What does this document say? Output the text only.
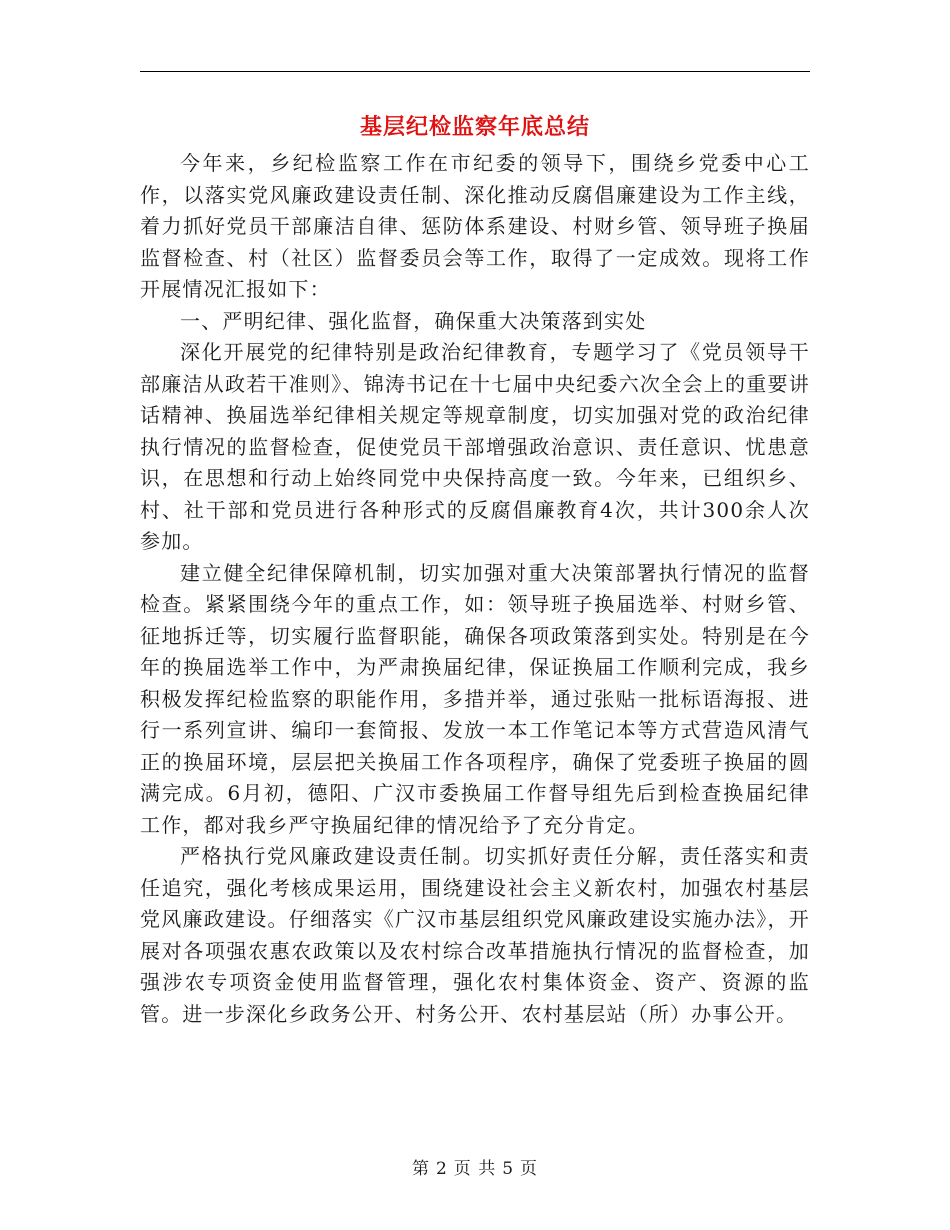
基层纪检监察年底总结

今年来，乡纪检监察工作在市纪委的领导下，围绕乡党委中心工作，以落实党风廉政建设责任制、深化推动反腐倡廉建设为工作主线，着力抓好党员干部廉洁自律、惩防体系建设、村财乡管、领导班子换届监督检查、村（社区）监督委员会等工作，取得了一定成效。现将工作开展情况汇报如下：

一、严明纪律、强化监督，确保重大决策落到实处

深化开展党的纪律特别是政治纪律教育，专题学习了《党员领导干部廉洁从政若干准则》、锦涛书记在十七届中央纪委六次全会上的重要讲话精神、换届选举纪律相关规定等规章制度，切实加强对党的政治纪律执行情况的监督检查，促使党员干部增强政治意识、责任意识、忧患意识，在思想和行动上始终同党中央保持高度一致。今年来，已组织乡、村、社干部和党员进行各种形式的反腐倡廉教育4次，共计300余人次参加。

建立健全纪律保障机制，切实加强对重大决策部署执行情况的监督检查。紧紧围绕今年的重点工作，如：领导班子换届选举、村财乡管、征地拆迁等，切实履行监督职能，确保各项政策落到实处。特别是在今年的换届选举工作中，为严肃换届纪律，保证换届工作顺利完成，我乡积极发挥纪检监察的职能作用，多措并举，通过张贴一批标语海报、进行一系列宣讲、编印一套简报、发放一本工作笔记本等方式营造风清气正的换届环境，层层把关换届工作各项程序，确保了党委班子换届的圆满完成。6月初，德阳、广汉市委换届工作督导组先后到检查换届纪律工作，都对我乡严守换届纪律的情况给予了充分肯定。

严格执行党风廉政建设责任制。切实抓好责任分解，责任落实和责任追究，强化考核成果运用，围绕建设社会主义新农村，加强农村基层党风廉政建设。仔细落实《广汉市基层组织党风廉政建设实施办法》，开展对各项强农惠农政策以及农村综合改革措施执行情况的监督检查，加强涉农专项资金使用监督管理，强化农村集体资金、资产、资源的监管。进一步深化乡政务公开、村务公开、农村基层站（所）办事公开。

第 2 页 共 5 页
